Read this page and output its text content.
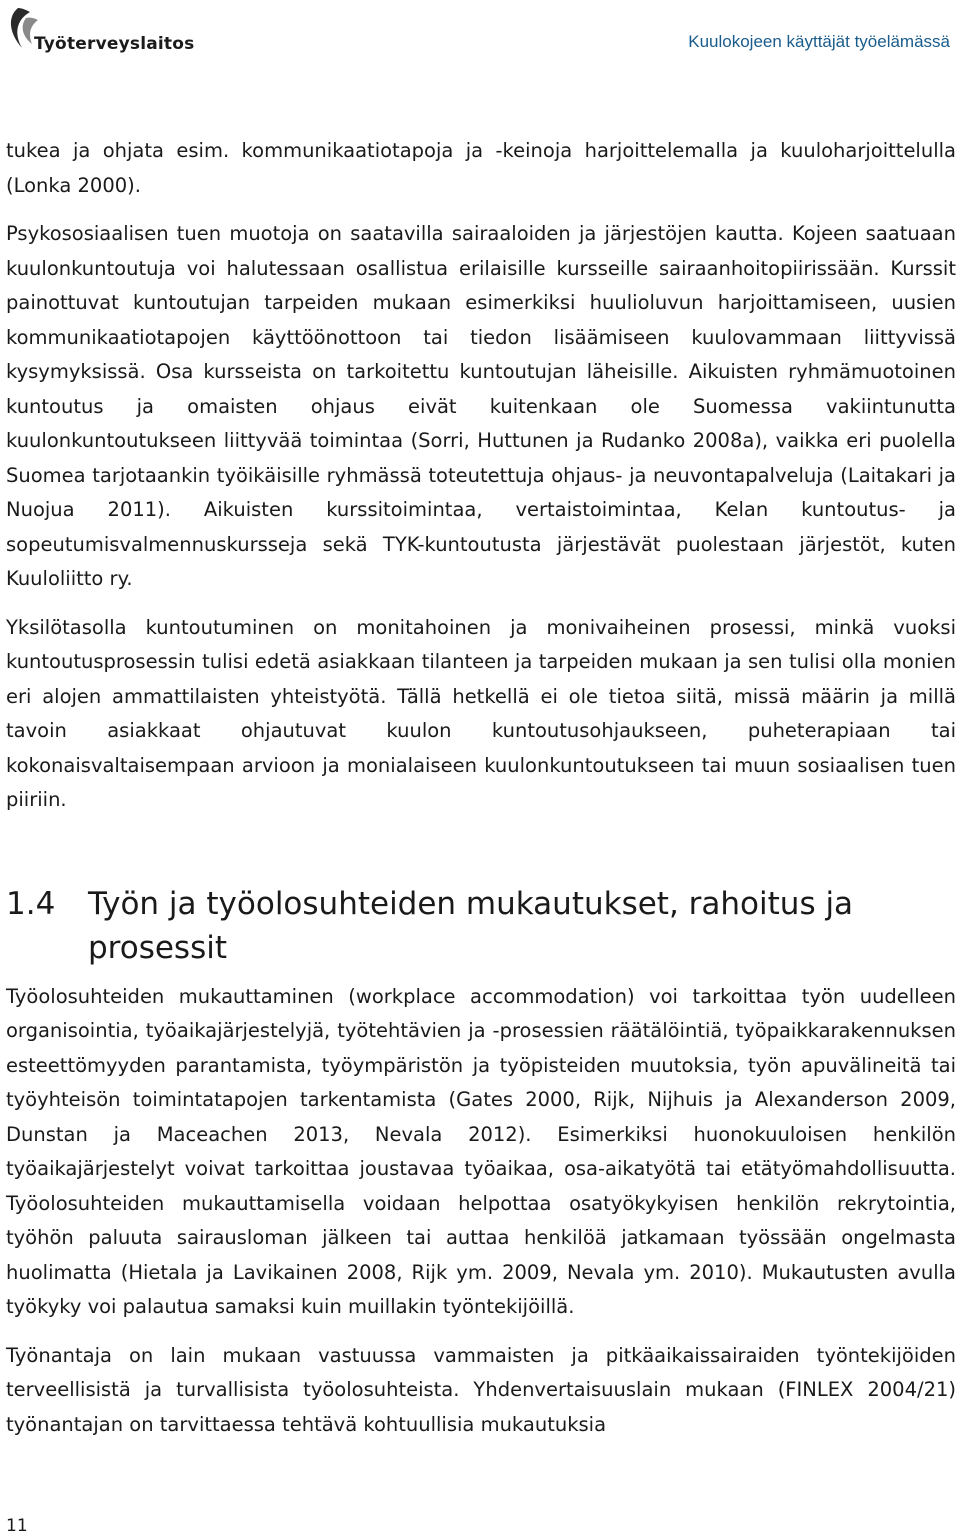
Työterveyslaitos	Kuulokojeen käyttäjät työelämässä

tukea ja ohjata esim. kommunikaatiotapoja ja -keinoja harjoittelemalla ja kuuloharjoittelulla (Lonka 2000).

Psykososiaalisen tuen muotoja on saatavilla sairaaloiden ja järjestöjen kautta. Kojeen saatuaan kuulonkuntoutuja voi halutessaan osallistua erilaisille kursseille sairaanhoitopiirissään. Kurssit painottuvat kuntoutujan tarpeiden mukaan esimerkiksi huulioluvun harjoittamiseen, uusien kommunikaatiotapojen käyttöönottoon tai tiedon lisäämiseen kuulovammaan liittyvissä kysymyksissä. Osa kursseista on tarkoitettu kuntoutujan läheisille. Aikuisten ryhmämuotoinen kuntoutus ja omaisten ohjaus eivät kuitenkaan ole Suomessa vakiintunutta kuulonkuntoutukseen liittyvää toimintaa (Sorri, Huttunen ja Rudanko 2008a), vaikka eri puolella Suomea tarjotaankin työikäisille ryhmässä toteutettuja ohjaus- ja neuvontapalveluja (Laitakari ja Nuojua 2011). Aikuisten kurssitoimintaa, vertaistoimintaa, Kelan kuntoutus- ja sopeutumisvalmennuskursseja sekä TYK-kuntoutusta järjestävät puolestaan järjestöt, kuten Kuuloliitto ry.

Yksilötasolla kuntoutuminen on monitahoinen ja monivaiheinen prosessi, minkä vuoksi kuntoutusprosessin tulisi edetä asiakkaan tilanteen ja tarpeiden mukaan ja sen tulisi olla monien eri alojen ammattilaisten yhteistyötä. Tällä hetkellä ei ole tietoa siitä, missä määrin ja millä tavoin asiakkaat ohjautuvat kuulon kuntoutusohjaukseen, puheterapiaan tai kokonaisvaltaisempaan arvioon ja monialaiseen kuulonkuntoutukseen tai muun sosiaalisen tuen piiriin.

1.4	Työn ja työolosuhteiden mukautukset, rahoitus ja prosessit

Työolosuhteiden mukauttaminen (workplace accommodation) voi tarkoittaa työn uudelleen organisointia, työaikajärjestelyjä, työtehtävien ja -prosessien räätälöintiä, työpaikkarakennuksen esteettömyyden parantamista, työympäristön ja työpisteiden muutoksia, työn apuvälineitä tai työyhteisön toimintatapojen tarkentamista (Gates 2000, Rijk, Nijhuis ja Alexanderson 2009, Dunstan ja Maceachen 2013, Nevala 2012). Esimerkiksi huonokuuloisen henkilön työaikajärjestelyt voivat tarkoittaa joustavaa työaikaa, osa-aikatyötä tai etätyömahdollisuutta. Työolosuhteiden mukauttamisella voidaan helpottaa osatyökykyisen henkilön rekrytointia, työhön paluuta sairausloman jälkeen tai auttaa henkilöä jatkamaan työssään ongelmasta huolimatta (Hietala ja Lavikainen 2008, Rijk ym. 2009, Nevala ym. 2010). Mukautusten avulla työkyky voi palautua samaksi kuin muillakin työntekijöillä.

Työnantaja on lain mukaan vastuussa vammaisten ja pitkäaikaissairaiden työntekijöiden terveellisistä ja turvallisista työolosuhteista. Yhdenvertaisuuslain mukaan (FINLEX 2004/21) työnantajan on tarvittaessa tehtävä kohtuullisia mukautuksia

11
